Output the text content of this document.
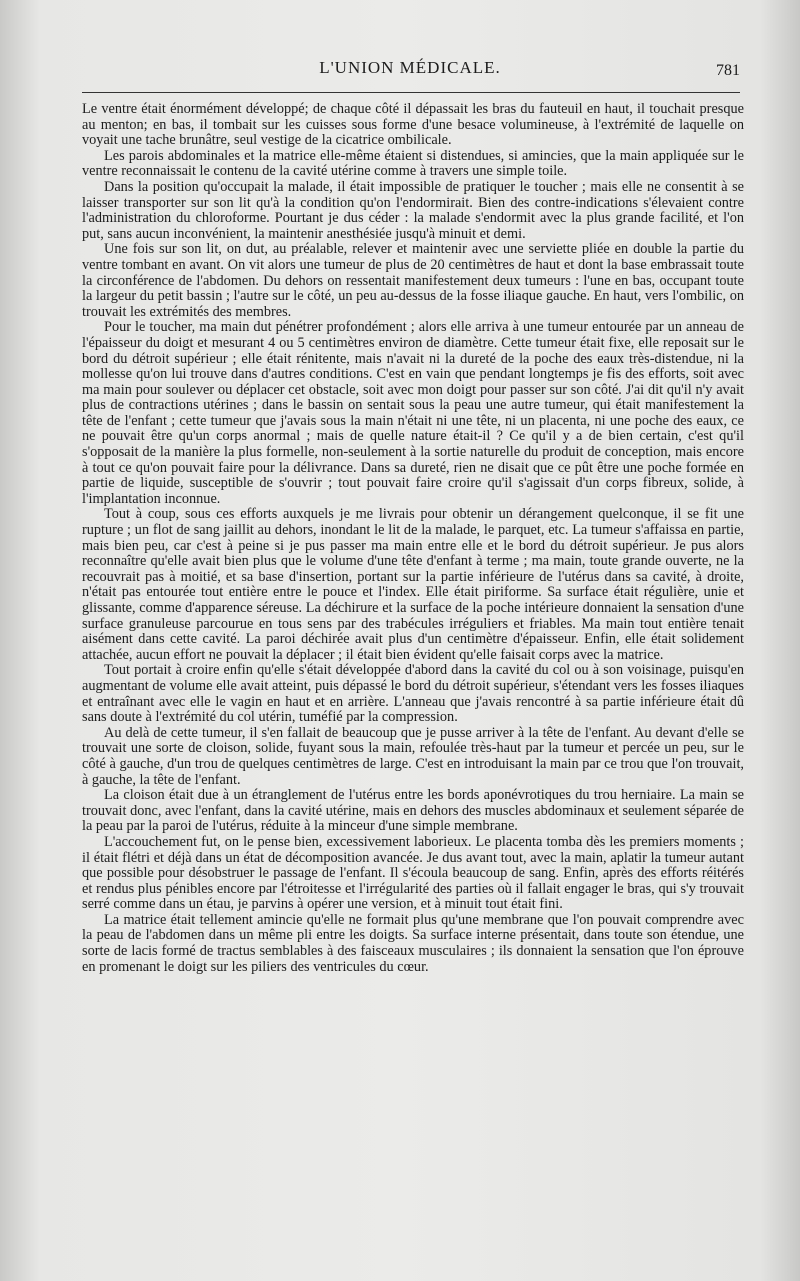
L'UNION MÉDICALE.	781

Le ventre était énormément développé; de chaque côté il dépassait les bras du fauteuil en haut, il touchait presque au menton; en bas, il tombait sur les cuisses sous forme d'une besace volumineuse, à l'extrémité de laquelle on voyait une tache brunâtre, seul vestige de la cicatrice ombilicale.

Les parois abdominales et la matrice elle-même étaient si distendues, si amincies, que la main appliquée sur le ventre reconnaissait le contenu de la cavité utérine comme à travers une simple toile.

Dans la position qu'occupait la malade, il était impossible de pratiquer le toucher ; mais elle ne consentit à se laisser transporter sur son lit qu'à la condition qu'on l'endormirait. Bien des contre-indications s'élevaient contre l'administration du chloroforme. Pourtant je dus céder : la malade s'endormit avec la plus grande facilité, et l'on put, sans aucun inconvénient, la maintenir anesthésiée jusqu'à minuit et demi.

Une fois sur son lit, on dut, au préalable, relever et maintenir avec une serviette pliée en double la partie du ventre tombant en avant. On vit alors une tumeur de plus de 20 centimètres de haut et dont la base embrassait toute la circonférence de l'abdomen. Du dehors on ressentait manifestement deux tumeurs : l'une en bas, occupant toute la largeur du petit bassin ; l'autre sur le côté, un peu au-dessus de la fosse iliaque gauche. En haut, vers l'ombilic, on trouvait les extrémités des membres.

Pour le toucher, ma main dut pénétrer profondément ; alors elle arriva à une tumeur entourée par un anneau de l'épaisseur du doigt et mesurant 4 ou 5 centimètres environ de diamètre. Cette tumeur était fixe, elle reposait sur le bord du détroit supérieur ; elle était rénitente, mais n'avait ni la dureté de la poche des eaux très-distendue, ni la mollesse qu'on lui trouve dans d'autres conditions. C'est en vain que pendant longtemps je fis des efforts, soit avec ma main pour soulever ou déplacer cet obstacle, soit avec mon doigt pour passer sur son côté. J'ai dit qu'il n'y avait plus de contractions utérines ; dans le bassin on sentait sous la peau une autre tumeur, qui était manifestement la tête de l'enfant ; cette tumeur que j'avais sous la main n'était ni une tête, ni un placenta, ni une poche des eaux, ce ne pouvait être qu'un corps anormal ; mais de quelle nature était-il ? Ce qu'il y a de bien certain, c'est qu'il s'opposait de la manière la plus formelle, non-seulement à la sortie naturelle du produit de conception, mais encore à tout ce qu'on pouvait faire pour la délivrance. Dans sa dureté, rien ne disait que ce pût être une poche formée en partie de liquide, susceptible de s'ouvrir ; tout pouvait faire croire qu'il s'agissait d'un corps fibreux, solide, à l'implantation inconnue.

Tout à coup, sous ces efforts auxquels je me livrais pour obtenir un dérangement quelconque, il se fit une rupture ; un flot de sang jaillit au dehors, inondant le lit de la malade, le parquet, etc. La tumeur s'affaissa en partie, mais bien peu, car c'est à peine si je pus passer ma main entre elle et le bord du détroit supérieur. Je pus alors reconnaître qu'elle avait bien plus que le volume d'une tête d'enfant à terme ; ma main, toute grande ouverte, ne la recouvrait pas à moitié, et sa base d'insertion, portant sur la partie inférieure de l'utérus dans sa cavité, à droite, n'était pas entourée tout entière entre le pouce et l'index. Elle était piriforme. Sa surface était régulière, unie et glissante, comme d'apparence séreuse. La déchirure et la surface de la poche intérieure donnaient la sensation d'une surface granuleuse parcourue en tous sens par des trabécules irréguliers et friables. Ma main tout entière tenait aisément dans cette cavité. La paroi déchirée avait plus d'un centimètre d'épaisseur. Enfin, elle était solidement attachée, aucun effort ne pouvait la déplacer ; il était bien évident qu'elle faisait corps avec la matrice.

Tout portait à croire enfin qu'elle s'était développée d'abord dans la cavité du col ou à son voisinage, puisqu'en augmentant de volume elle avait atteint, puis dépassé le bord du détroit supérieur, s'étendant vers les fosses iliaques et entraînant avec elle le vagin en haut et en arrière. L'anneau que j'avais rencontré à sa partie inférieure était dû sans doute à l'extrémité du col utérin, tuméfié par la compression.

Au delà de cette tumeur, il s'en fallait de beaucoup que je pusse arriver à la tête de l'enfant. Au devant d'elle se trouvait une sorte de cloison, solide, fuyant sous la main, refoulée très-haut par la tumeur et percée un peu, sur le côté à gauche, d'un trou de quelques centimètres de large. C'est en introduisant la main par ce trou que l'on trouvait, à gauche, la tête de l'enfant.

La cloison était due à un étranglement de l'utérus entre les bords aponévrotiques du trou herniaire. La main se trouvait donc, avec l'enfant, dans la cavité utérine, mais en dehors des muscles abdominaux et seulement séparée de la peau par la paroi de l'utérus, réduite à la minceur d'une simple membrane.

L'accouchement fut, on le pense bien, excessivement laborieux. Le placenta tomba dès les premiers moments ; il était flétri et déjà dans un état de décomposition avancée. Je dus avant tout, avec la main, aplatir la tumeur autant que possible pour désobstruer le passage de l'enfant. Il s'écoula beaucoup de sang. Enfin, après des efforts réitérés et rendus plus pénibles encore par l'étroitesse et l'irrégularité des parties où il fallait engager le bras, qui s'y trouvait serré comme dans un étau, je parvins à opérer une version, et à minuit tout était fini.

La matrice était tellement amincie qu'elle ne formait plus qu'une membrane que l'on pouvait comprendre avec la peau de l'abdomen dans un même pli entre les doigts. Sa surface interne présentait, dans toute son étendue, une sorte de lacis formé de tractus semblables à des faisceaux musculaires ; ils donnaient la sensation que l'on éprouve en promenant le doigt sur les piliers des ventricules du cœur.
